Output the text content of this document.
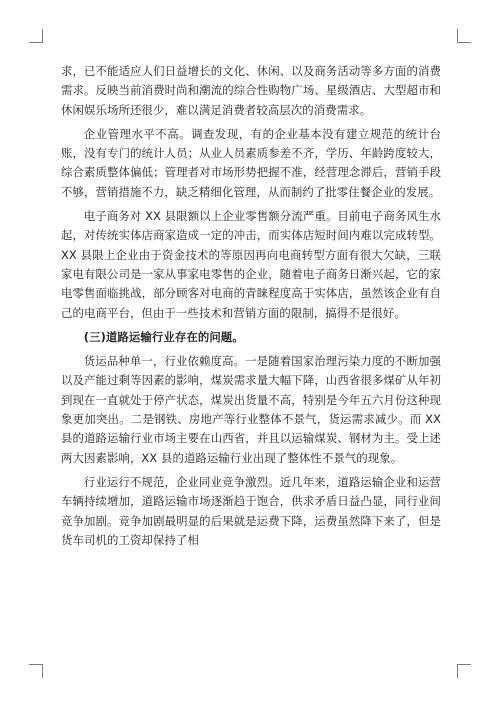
求，已不能适应人们日益增长的文化、休闲、以及商务活动等多方面的消费需求。反映当前消费时尚和潮流的综合性购物广场、星级酒店、大型超市和休闲娱乐场所还很少，难以满足消费者较高层次的消费需求。

企业管理水平不高。调查发现，有的企业基本没有建立规范的统计台账，没有专门的统计人员；从业人员素质参差不齐，学历、年龄跨度较大，综合素质整体偏低；管理者对市场形势把握不准，经营理念滞后，营销手段不够，营销措施不力，缺乏精细化管理，从而制约了批零住餐企业的发展。

电子商务对 XX 县限额以上企业零售额分流严重。目前电子商务风生水起，对传统实体店商家造成一定的冲击，而实体店短时间内难以完成转型。XX 县限上企业由于资金技术的等原因再向电商转型方面有很大欠缺，三联家电有限公司是一家从事家电零售的企业，随着电子商务日渐兴起，它的家电零售面临挑战，部分顾客对电商的青睐程度高于实体店，虽然该企业有自己的电商平台，但由于一些技术和营销方面的限制，搞得不是很好。

(三)道路运输行业存在的问题。

货运品种单一，行业依赖度高。一是随着国家治理污染力度的不断加强以及产能过剩等因素的影响，煤炭需求量大幅下降，山西省很多煤矿从年初到现在一直就处于停产状态，煤炭出货量不高，特别是今年五六月份这种现象更加突出。二是钢铁、房地产等行业整体不景气，货运需求减少。而 XX 县的道路运输行业市场主要在山西省，并且以运输煤炭、钢材为主。受上述两大因素影响，XX 县的道路运输行业出现了整体性不景气的现象。

行业运行不规范，企业同业竞争激烈。近几年来，道路运输企业和运营车辆持续增加，道路运输市场逐渐趋于饱合，供求矛盾日益凸显，同行业间竞争加剧。竞争加剧最明显的后果就是运费下降，运费虽然降下来了，但是货车司机的工资却保持了相
